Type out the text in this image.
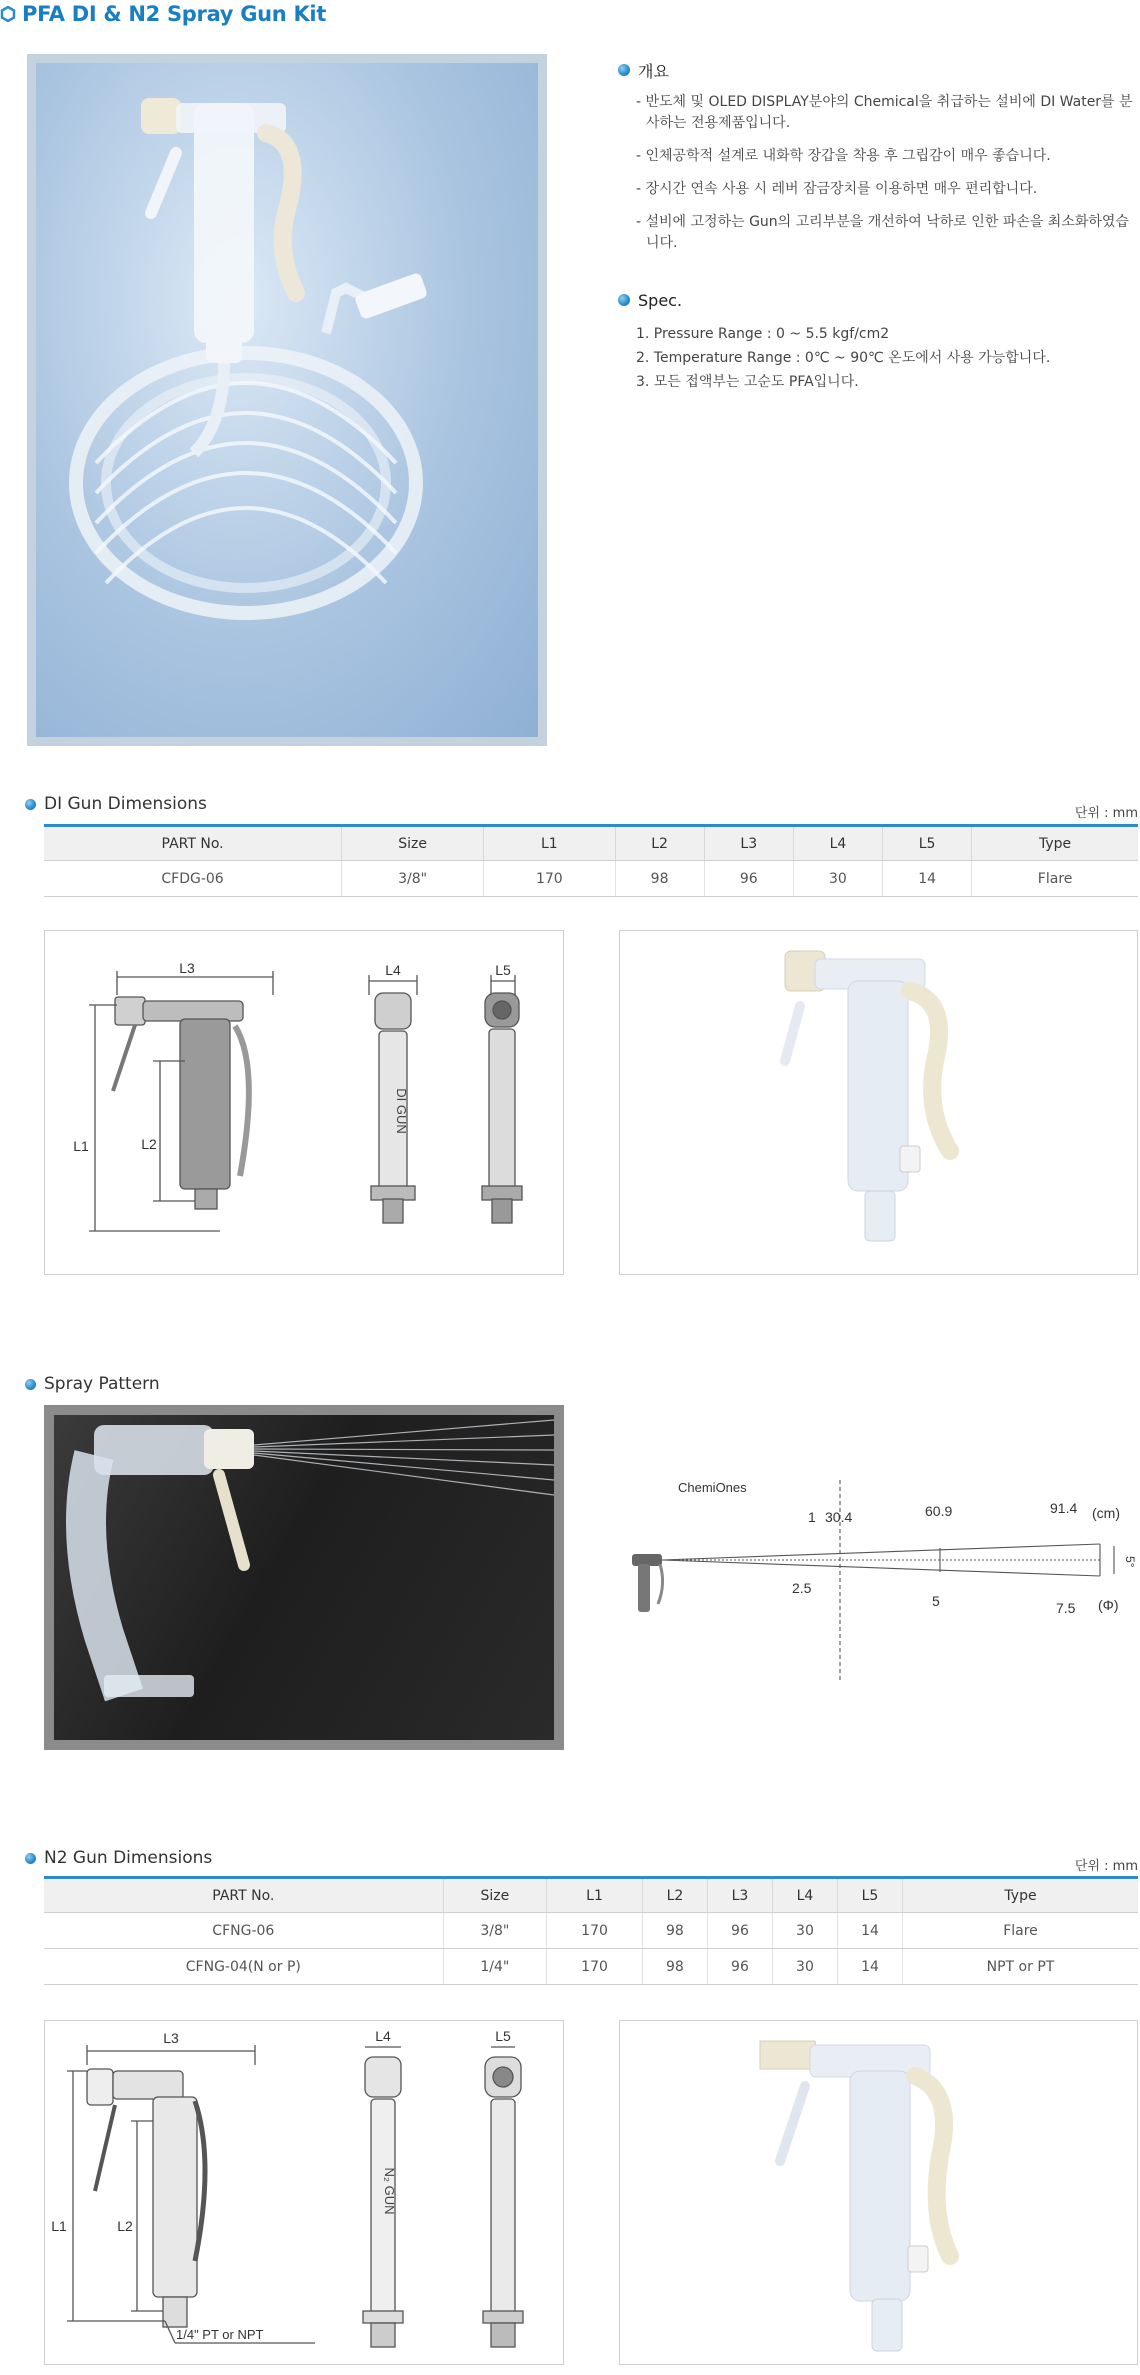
PFA DI & N2 Spray Gun Kit
개요
- 반도체 및 OLED DISPLAY분야의 Chemical을 취급하는 설비에 DI Water를 분사하는 전용제품입니다.
- 인체공학적 설계로 내화학 장갑을 착용 후 그립감이 매우 좋습니다.
- 장시간 연속 사용 시 레버 잠금장치를 이용하면 매우 편리합니다.
- 설비에 고정하는 Gun의 고리부분을 개선하여 낙하로 인한 파손을 최소화하였습니다.
Spec.
1. Pressure Range : 0 ~ 5.5 kgf/cm2
2. Temperature Range : 0℃ ~ 90℃ 온도에서 사용 가능합니다.
3. 모든 접액부는 고순도 PFA입니다.
DI Gun Dimensions	단위 : mm
PART No.	Size	L1	L2	L3	L4	L5	Type
CFDG-06	3/8"	170	98	96	30	14	Flare
L3
L1	L2
L4	L5
DI GUN
Spray Pattern
ChemiOnes
1 30.4	60.9	91.4 (cm)
2.5
5	7.5 (Φ)
5°
N2 Gun Dimensions	단위 : mm
PART No.	Size	L1	L2	L3	L4	L5	Type
CFNG-06	3/8"	170	98	96	30	14	Flare
CFNG-04(N or P)	1/4"	170	98	96	30	14	NPT or PT
L3
L1	L2
L4	L5
N₂ GUN
1/4" PT or NPT
